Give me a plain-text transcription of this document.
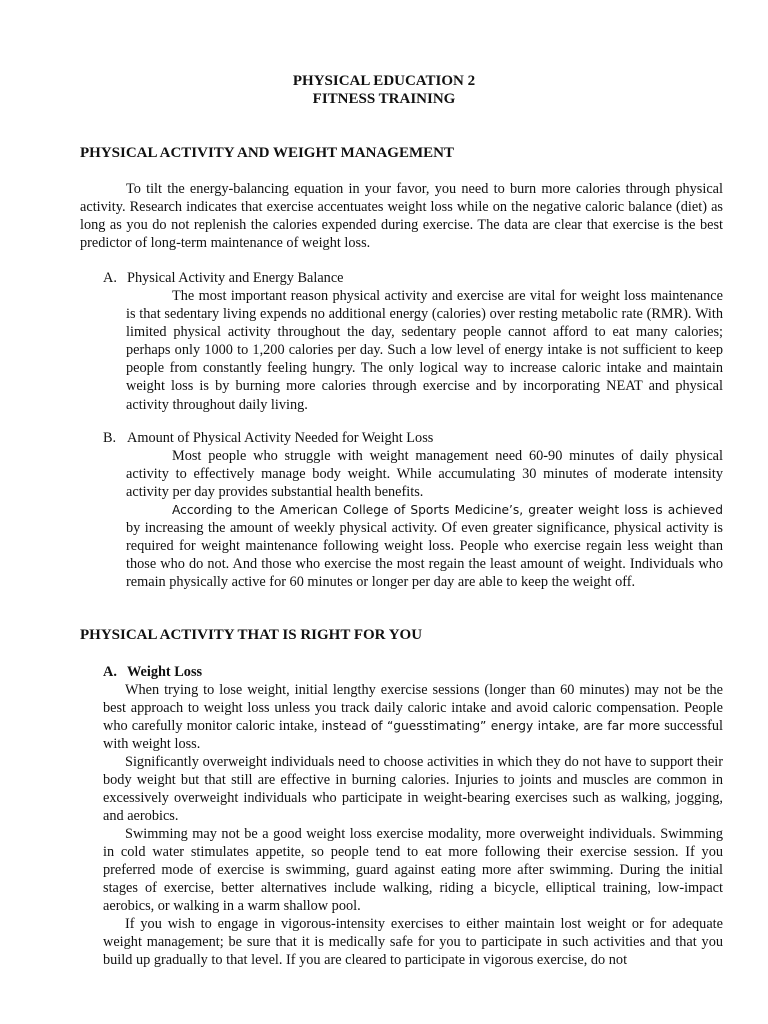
PHYSICAL EDUCATION 2
FITNESS TRAINING

PHYSICAL ACTIVITY AND WEIGHT MANAGEMENT

To tilt the energy-balancing equation in your favor, you need to burn more calories through physical activity. Research indicates that exercise accentuates weight loss while on the negative caloric balance (diet) as long as you do not replenish the calories expended during exercise. The data are clear that exercise is the best predictor of long-term maintenance of weight loss.

A. Physical Activity and Energy Balance

The most important reason physical activity and exercise are vital for weight loss maintenance is that sedentary living expends no additional energy (calories) over resting metabolic rate (RMR). With limited physical activity throughout the day, sedentary people cannot afford to eat many calories; perhaps only 1000 to 1,200 calories per day. Such a low level of energy intake is not sufficient to keep people from constantly feeling hungry. The only logical way to increase caloric intake and maintain weight loss is by burning more calories through exercise and by incorporating NEAT and physical activity throughout daily living.

B. Amount of Physical Activity Needed for Weight Loss

Most people who struggle with weight management need 60-90 minutes of daily physical activity to effectively manage body weight. While accumulating 30 minutes of moderate intensity activity per day provides substantial health benefits.

According to the American College of Sports Medicine’s, greater weight loss is achieved by increasing the amount of weekly physical activity. Of even greater significance, physical activity is required for weight maintenance following weight loss. People who exercise regain less weight than those who do not. And those who exercise the most regain the least amount of weight. Individuals who remain physically active for 60 minutes or longer per day are able to keep the weight off.

PHYSICAL ACTIVITY THAT IS RIGHT FOR YOU

A. Weight Loss

When trying to lose weight, initial lengthy exercise sessions (longer than 60 minutes) may not be the best approach to weight loss unless you track daily caloric intake and avoid caloric compensation. People who carefully monitor caloric intake, instead of “guesstimating” energy intake, are far more successful with weight loss.

Significantly overweight individuals need to choose activities in which they do not have to support their body weight but that still are effective in burning calories. Injuries to joints and muscles are common in excessively overweight individuals who participate in weight-bearing exercises such as walking, jogging, and aerobics.

Swimming may not be a good weight loss exercise modality, more overweight individuals. Swimming in cold water stimulates appetite, so people tend to eat more following their exercise session. If you preferred mode of exercise is swimming, guard against eating more after swimming. During the initial stages of exercise, better alternatives include walking, riding a bicycle, elliptical training, low-impact aerobics, or walking in a warm shallow pool.

If you wish to engage in vigorous-intensity exercises to either maintain lost weight or for adequate weight management; be sure that it is medically safe for you to participate in such activities and that you build up gradually to that level. If you are cleared to participate in vigorous exercise, do not
